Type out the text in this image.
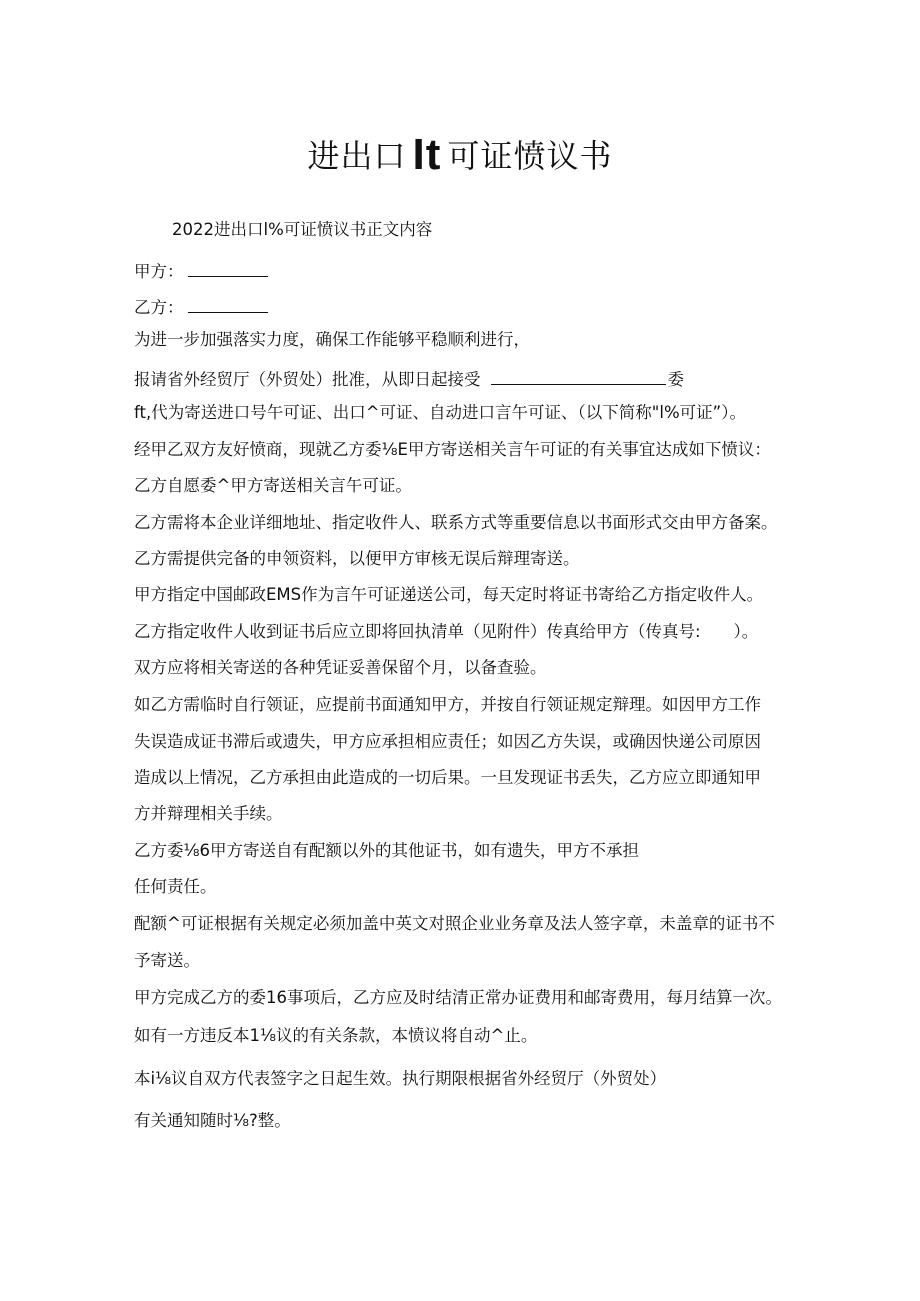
进出口 It 可证愤议书
2022进出口l%可证愤议书正文内容
甲方：
乙方：
为进一步加强落实力度，确保工作能够平稳顺利进行，
报请省外经贸厅（外贸处）批准，从即日起接受	委
ft,代为寄送进口号午可证、出口^可证、自动进口言午可证、（以下简称"l%可证”）。
经甲乙双方友好愤商，现就乙方委⅛E甲方寄送相关言午可证的有关事宜达成如下愤议：
乙方自愿委^甲方寄送相关言午可证。
乙方需将本企业详细地址、指定收件人、联系方式等重要信息以书面形式交由甲方备案。
乙方需提供完备的申领资料，以便甲方审核无误后辩理寄送。
甲方指定中国邮政EMS作为言午可证递送公司，每天定时将证书寄给乙方指定收件人。
乙方指定收件人收到证书后应立即将回执清单（见附件）传真给甲方（传真号:　　）。
双方应将相关寄送的各种凭证妥善保留个月，以备查验。
如乙方需临时自行领证，应提前书面通知甲方，并按自行领证规定辩理。如因甲方工作
失误造成证书滞后或遗失，甲方应承担相应责任；如因乙方失误，或确因快递公司原因
造成以上情况，乙方承担由此造成的一切后果。一旦发现证书丢失，乙方应立即通知甲
方并辩理相关手续。
乙方委⅛6甲方寄送自有配额以外的其他证书，如有遗失，甲方不承担
任何责任。
配额^可证根据有关规定必须加盖中英文对照企业业务章及法人签字章，未盖章的证书不
予寄送。
甲方完成乙方的委16事项后，乙方应及时结清正常办证费用和邮寄费用，每月结算一次。
如有一方违反本1⅛议的有关条款，本愤议将自动^止。
本i⅛议自双方代表签字之日起生效。执行期限根据省外经贸厅（外贸处）
有关通知随时⅛?整。
